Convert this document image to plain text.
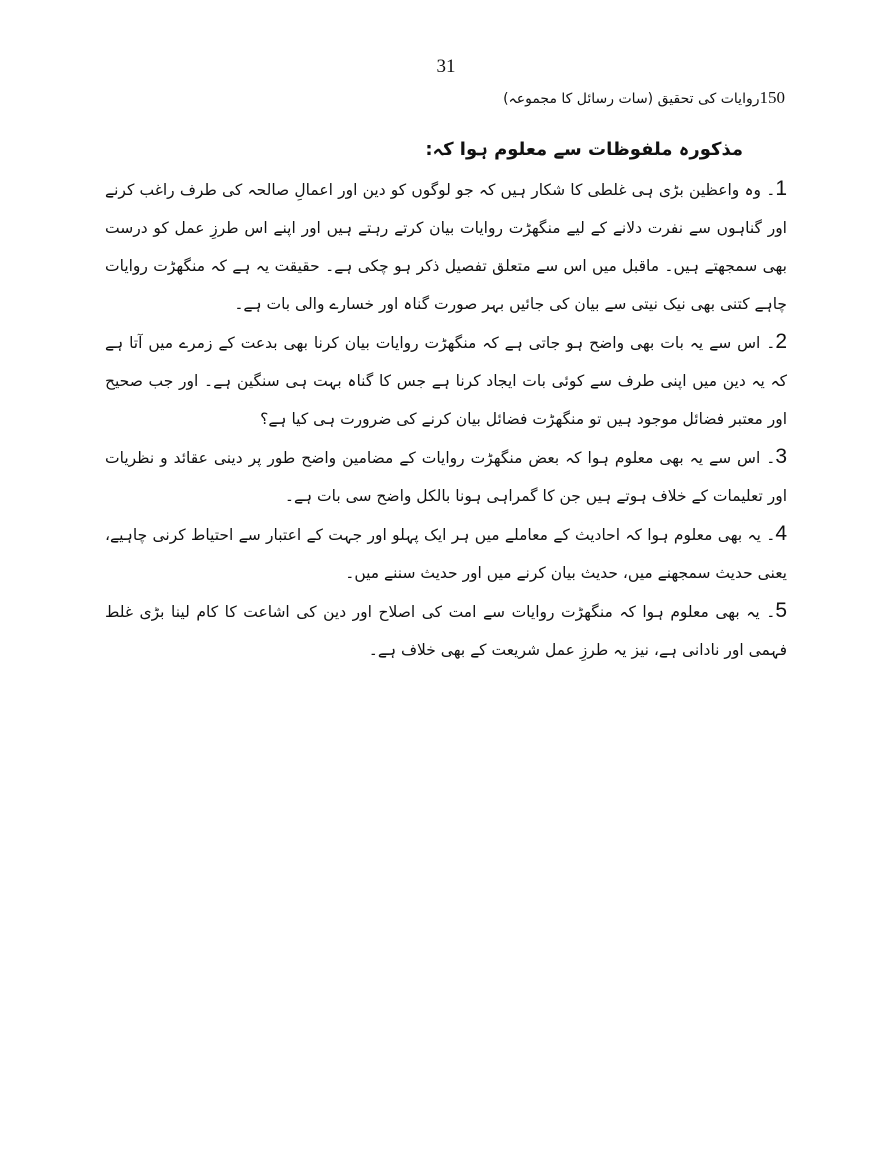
31
150روایات کی تحقیق (سات رسائل کا مجموعہ)

مذکورہ ملفوظات سے معلوم ہوا کہ:

1۔ وہ واعظین بڑی ہی غلطی کا شکار ہیں کہ جو لوگوں کو دین اور اعمالِ صالحہ کی طرف راغب کرنے اور گناہوں سے نفرت دلانے کے لیے منگھڑت روایات بیان کرتے رہتے ہیں اور اپنے اس طرزِ عمل کو درست بھی سمجھتے ہیں۔ ماقبل میں اس سے متعلق تفصیل ذکر ہو چکی ہے۔ حقیقت یہ ہے کہ منگھڑت روایات چاہے کتنی بھی نیک نیتی سے بیان کی جائیں بہر صورت گناہ اور خسارے والی بات ہے۔

2۔ اس سے یہ بات بھی واضح ہو جاتی ہے کہ منگھڑت روایات بیان کرنا بھی بدعت کے زمرے میں آتا ہے کہ یہ دین میں اپنی طرف سے کوئی بات ایجاد کرنا ہے جس کا گناہ بہت ہی سنگین ہے۔ اور جب صحیح اور معتبر فضائل موجود ہیں تو منگھڑت فضائل بیان کرنے کی ضرورت ہی کیا ہے؟

3۔ اس سے یہ بھی معلوم ہوا کہ بعض منگھڑت روایات کے مضامین واضح طور پر دینی عقائد و نظریات اور تعلیمات کے خلاف ہوتے ہیں جن کا گمراہی ہونا بالکل واضح سی بات ہے۔

4۔ یہ بھی معلوم ہوا کہ احادیث کے معاملے میں ہر ایک پہلو اور جہت کے اعتبار سے احتیاط کرنی چاہیے، یعنی حدیث سمجھنے میں، حدیث بیان کرنے میں اور حدیث سننے میں۔

5۔ یہ بھی معلوم ہوا کہ منگھڑت روایات سے امت کی اصلاح اور دین کی اشاعت کا کام لینا بڑی غلط فہمی اور نادانی ہے، نیز یہ طرزِ عمل شریعت کے بھی خلاف ہے۔
